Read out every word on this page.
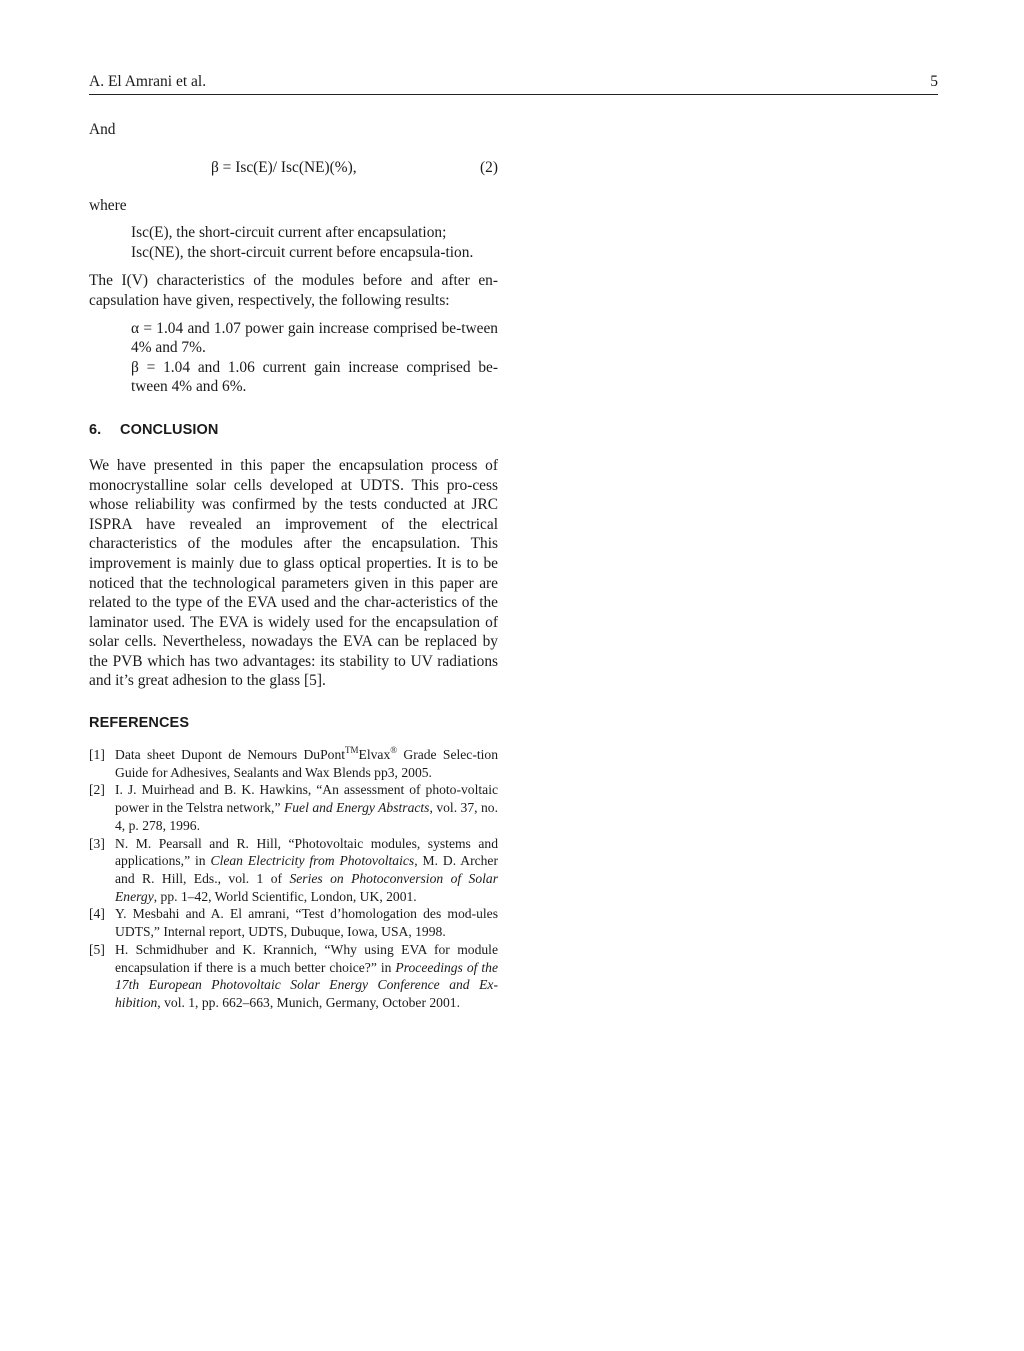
A. El Amrani et al.	5

And

β = Isc(E)/ Isc(NE)(%),	(2)

where

Isc(E), the short-circuit current after encapsulation;

Isc(NE), the short-circuit current before encapsula-tion.

The I(V) characteristics of the modules before and after en-capsulation have given, respectively, the following results:

α = 1.04 and 1.07 power gain increase comprised be-tween 4% and 7%.

β = 1.04 and 1.06 current gain increase comprised be-tween 4% and 6%.

6. CONCLUSION

We have presented in this paper the encapsulation process of monocrystalline solar cells developed at UDTS. This pro-cess whose reliability was confirmed by the tests conducted at JRC ISPRA have revealed an improvement of the electrical characteristics of the modules after the encapsulation. This improvement is mainly due to glass optical properties. It is to be noticed that the technological parameters given in this paper are related to the type of the EVA used and the char-acteristics of the laminator used. The EVA is widely used for the encapsulation of solar cells. Nevertheless, nowadays the EVA can be replaced by the PVB which has two advantages: its stability to UV radiations and it’s great adhesion to the glass [5].

REFERENCES
[1] Data sheet Dupont de Nemours DuPont™Elvax® Grade Selec-tion Guide for Adhesives, Sealants and Wax Blends pp3, 2005.
[2] I. J. Muirhead and B. K. Hawkins, “An assessment of photo-voltaic power in the Telstra network,” Fuel and Energy Abstracts, vol. 37, no. 4, p. 278, 1996.
[3] N. M. Pearsall and R. Hill, “Photovoltaic modules, systems and applications,” in Clean Electricity from Photovoltaics, M. D. Archer and R. Hill, Eds., vol. 1 of Series on Photoconversion of Solar Energy, pp. 1–42, World Scientific, London, UK, 2001.
[4] Y. Mesbahi and A. El amrani, “Test d’homologation des mod-ules UDTS,” Internal report, UDTS, Dubuque, Iowa, USA, 1998.
[5] H. Schmidhuber and K. Krannich, “Why using EVA for module encapsulation if there is a much better choice?” in Proceedings of the 17th European Photovoltaic Solar Energy Conference and Ex-hibition, vol. 1, pp. 662–663, Munich, Germany, October 2001.
